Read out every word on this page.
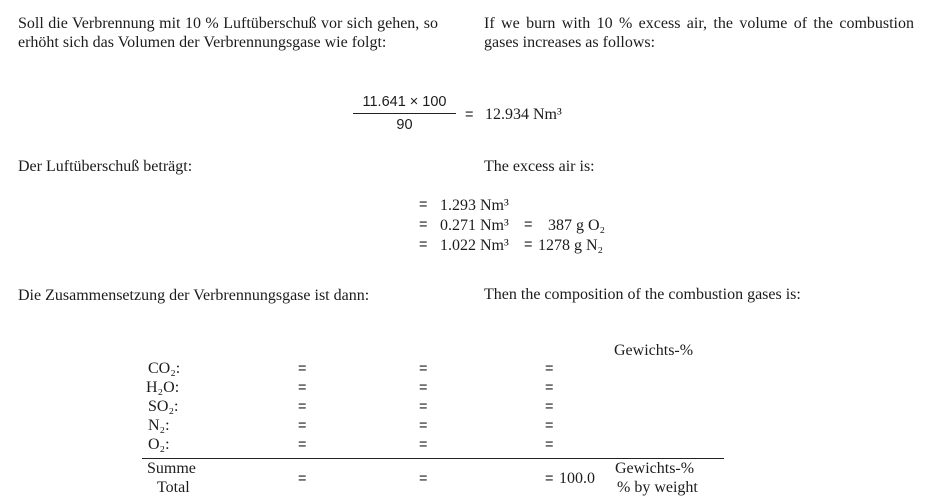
Soll die Verbrennung mit 10 % Luftüberschuß vor sich gehen, so erhöht sich das Volumen der Verbrennungsgase wie folgt:
If we burn with 10 % excess air, the volume of the combustion gases increases as follows:
$\frac{11.641 \times 100}{90} = 12.934$ Nm³
Der Luftüberschuß beträgt:	The excess air is:
= 1.293 Nm³
= 0.271 Nm³ = 387 g O₂
= 1.022 Nm³ = 1278 g N₂
Die Zusammensetzung der Verbrennungsgase ist dann:	Then the composition of the combustion gases is:
Gewichts-%
CO₂:	=	=	=
H₂O:	=	=	=
SO₂:	=	=	=
N₂:	=	=	=
O₂:	=	=	=
Summe
Total	=	=	= 100.0
Gewichts-%
% by weight
